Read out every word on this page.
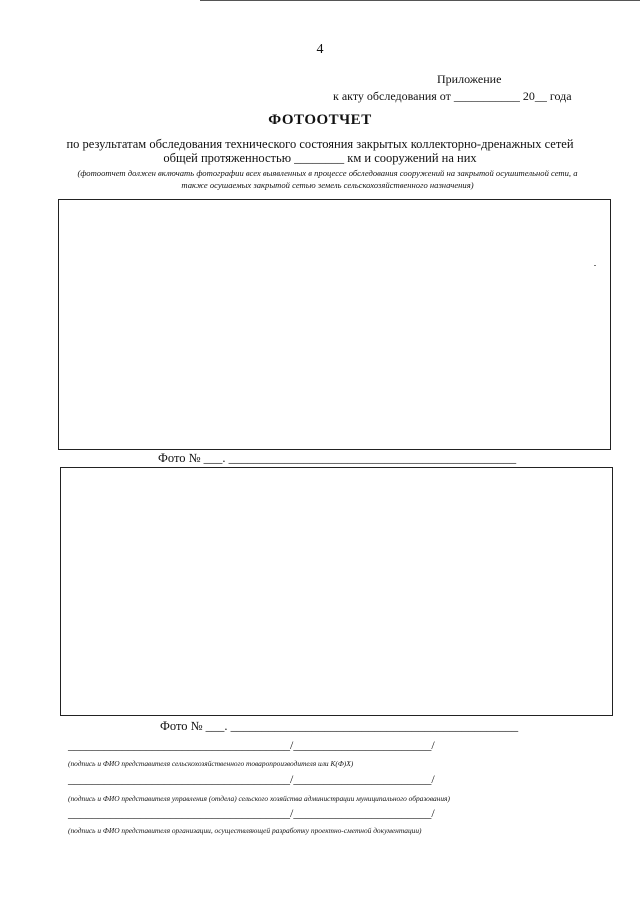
4
Приложение
к акту обследования от ___________ 20__ года
ФОТООТЧЕТ
по результатам обследования технического состояния закрытых коллекторно-дренажных сетей
общей протяженностью ________ км и сооружений на них
(фотоотчет должен включать фотографии всех выявленных в процессе обследования сооружений на закрытой осушительной сети, а также осушаемых закрытой сетью земель сельскохозяйственного назначения)
Фото № ___. ______________________________________________
Фото № ___. ______________________________________________
_____________________________________/_______________________/
(подпись и ФИО представителя сельскохозяйственного товаропроизводителя или К(Ф)Х)
_____________________________________/_______________________/
(подпись и ФИО представителя управления (отдела) сельского хозяйства администрации муниципального образования)
_____________________________________/_______________________/
(подпись и ФИО представителя организации, осуществляющей разработку проектно-сметной документации)
